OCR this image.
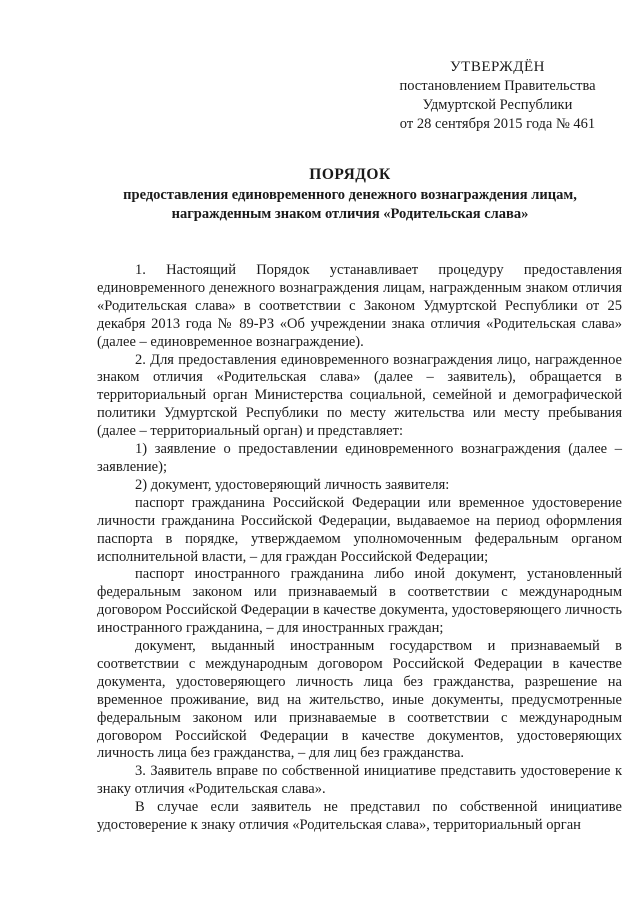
УТВЕРЖДЁН
постановлением Правительства
Удмуртской Республики
от 28 сентября 2015 года № 461
ПОРЯДОК
предоставления единовременного денежного вознаграждения лицам,
награжденным знаком отличия «Родительская слава»

1. Настоящий Порядок устанавливает процедуру предоставления единовременного денежного вознаграждения лицам, награжденным знаком отличия «Родительская слава» в соответствии с Законом Удмуртской Республики от 25 декабря 2013 года № 89-РЗ «Об учреждении знака отличия «Родительская слава» (далее – единовременное вознаграждение).

2. Для предоставления единовременного вознаграждения лицо, награжденное знаком отличия «Родительская слава» (далее – заявитель), обращается в территориальный орган Министерства социальной, семейной и демографической политики Удмуртской Республики по месту жительства или месту пребывания (далее – территориальный орган) и представляет:

1) заявление о предоставлении единовременного вознаграждения (далее – заявление);

2) документ, удостоверяющий личность заявителя:

паспорт гражданина Российской Федерации или временное удостоверение личности гражданина Российской Федерации, выдаваемое на период оформления паспорта в порядке, утверждаемом уполномоченным федеральным органом исполнительной власти, – для граждан Российской Федерации;

паспорт иностранного гражданина либо иной документ, установленный федеральным законом или признаваемый в соответствии с международным договором Российской Федерации в качестве документа, удостоверяющего личность иностранного гражданина, – для иностранных граждан;

документ, выданный иностранным государством и признаваемый в соответствии с международным договором Российской Федерации в качестве документа, удостоверяющего личность лица без гражданства, разрешение на временное проживание, вид на жительство, иные документы, предусмотренные федеральным законом или признаваемые в соответствии с международным договором Российской Федерации в качестве документов, удостоверяющих личность лица без гражданства, – для лиц без гражданства.

3. Заявитель вправе по собственной инициативе представить удостоверение к знаку отличия «Родительская слава».

В случае если заявитель не представил по собственной инициативе удостоверение к знаку отличия «Родительская слава», территориальный орган
